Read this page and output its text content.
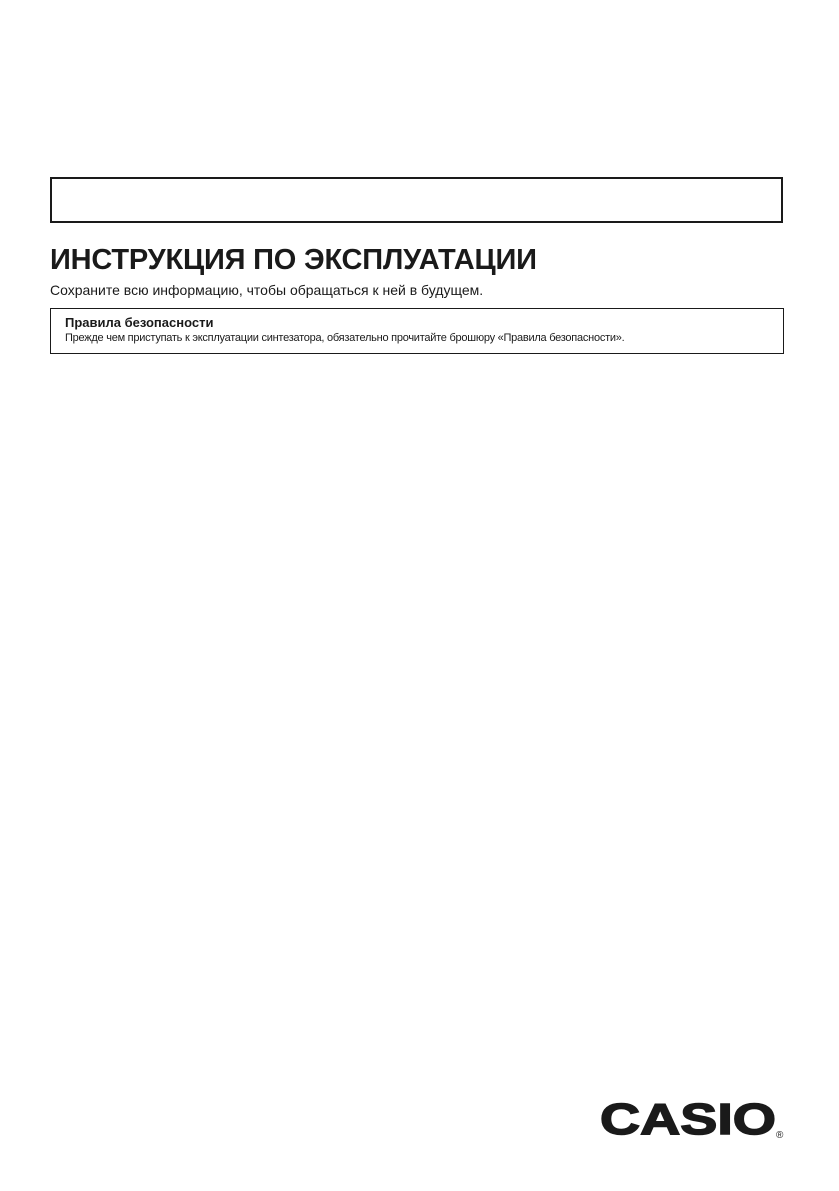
ИНСТРУКЦИЯ ПО ЭКСПЛУАТАЦИИ

Сохраните всю информацию, чтобы обращаться к ней в будущем.

Правила безопасности
Прежде чем приступать к эксплуатации синтезатора, обязательно прочитайте брошюру «Правила безопасности».
CASIO ®
